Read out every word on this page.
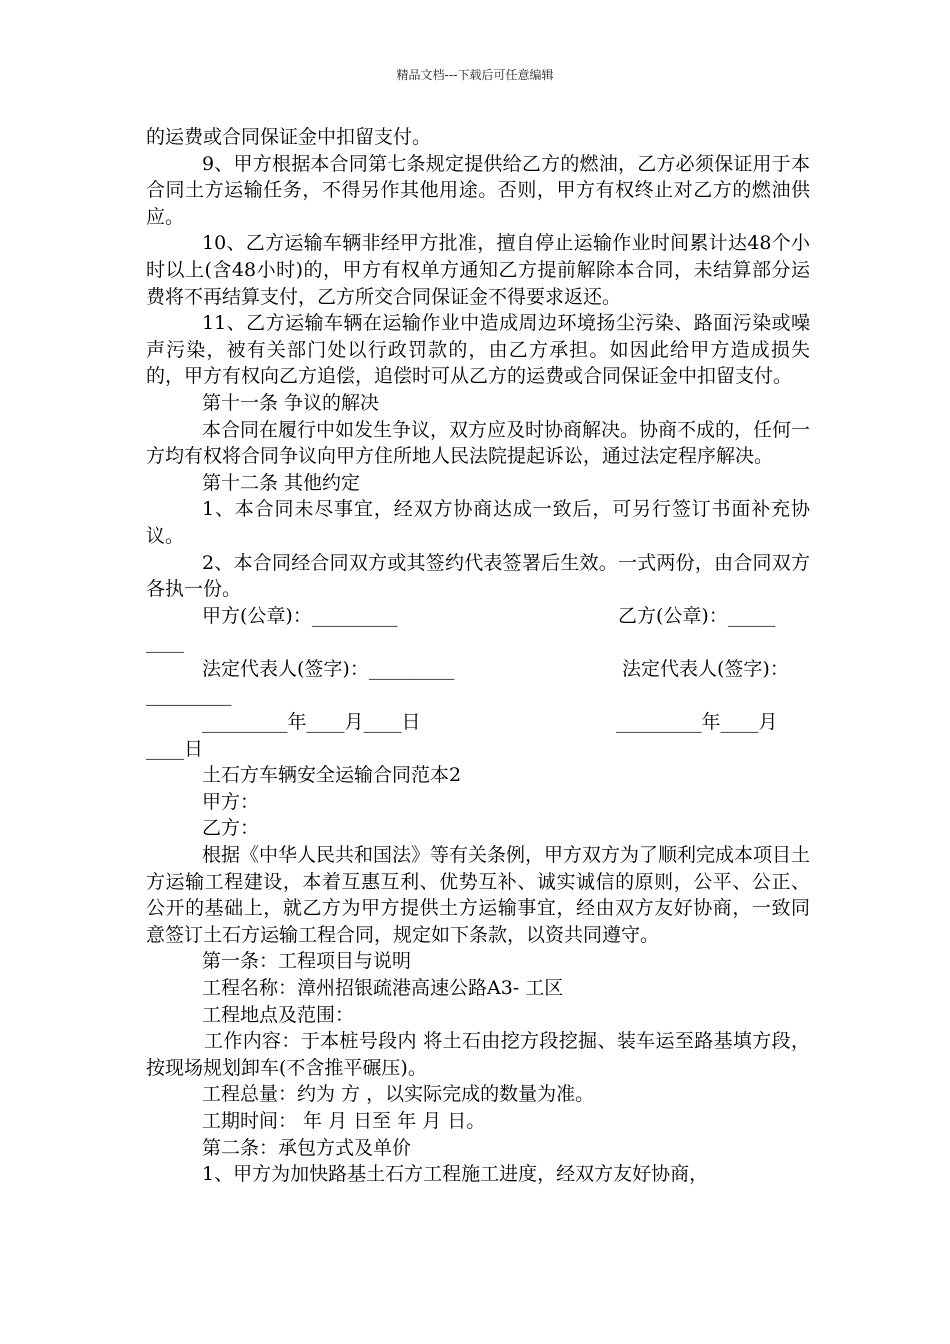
精品文档---下载后可任意编辑

的运费或合同保证金中扣留支付。

9、甲方根据本合同第七条规定提供给乙方的燃油，乙方必须保证用于本合同土方运输任务，不得另作其他用途。否则，甲方有权终止对乙方的燃油供应。

10、乙方运输车辆非经甲方批准，擅自停止运输作业时间累计达48个小时以上(含48小时)的，甲方有权单方通知乙方提前解除本合同，未结算部分运费将不再结算支付，乙方所交合同保证金不得要求返还。

11、乙方运输车辆在运输作业中造成周边环境扬尘污染、路面污染或噪声污染，被有关部门处以行政罚款的，由乙方承担。如因此给甲方造成损失的，甲方有权向乙方追偿，追偿时可从乙方的运费或合同保证金中扣留支付。

第十一条 争议的解决

本合同在履行中如发生争议，双方应及时协商解决。协商不成的，任何一方均有权将合同争议向甲方住所地人民法院提起诉讼，通过法定程序解决。

第十二条 其他约定

1、本合同未尽事宜，经双方协商达成一致后，可另行签订书面补充协议。

2、本合同经合同双方或其签约代表签署后生效。一式两份，由合同双方各执一份。

甲方(公章)：_________	乙方(公章)：_____
____
法定代表人(签字)：_________	法定代表人(签字)：
_________
_________年____月____日	_________年____月
____日

土石方车辆安全运输合同范本2

甲方：

乙方：

根据《中华人民共和国法》等有关条例，甲方双方为了顺利完成本项目土方运输工程建设，本着互惠互利、优势互补、诚实诚信的原则，公平、公正、公开的基础上，就乙方为甲方提供土方运输事宜，经由双方友好协商，一致同意签订土石方运输工程合同，规定如下条款，以资共同遵守。

第一条：工程项目与说明

工程名称：漳州招银疏港高速公路A3- 工区

工程地点及范围：

工作内容：于本桩号段内 将土石由挖方段挖掘、装车运至路基填方段，按现场规划卸车(不含推平碾压)。

工程总量：约为 方 ，以实际完成的数量为准。

工期时间： 年 月 日至 年 月 日。

第二条：承包方式及单价

1、甲方为加快路基土石方工程施工进度，经双方友好协商，
